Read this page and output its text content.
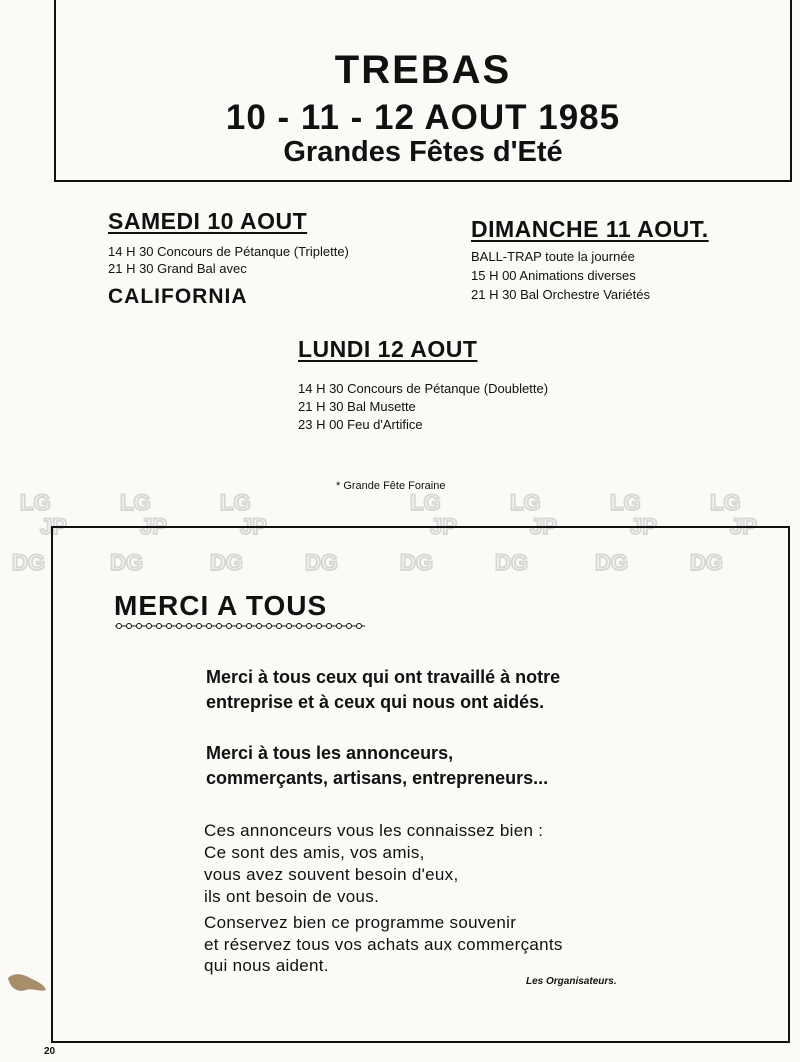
TREBAS
10 - 11 - 12 AOUT 1985
Grandes Fêtes d'Eté
SAMEDI 10 AOUT
14 H 30 Concours de Pétanque (Triplette)
21 H 30 Grand Bal avec
CALIFORNIA
DIMANCHE 11 AOUT.
BALL-TRAP toute la journée
15 H 00 Animations diverses
21 H 30 Bal Orchestre Variétés
LUNDI 12 AOUT
14 H 30 Concours de Pétanque (Doublette)
21 H 30 Bal Musette
23 H 00 Feu d'Artifice
* Grande Fête Foraine
LG	LG	LG	LG	LG	LG	LG
JP	JP	JP	JP	JP	JP	JP
DG	DG	DG	DG	DG	DG	DG	DG
MERCI A TOUS
Merci à tous ceux qui ont travaillé à notre
entreprise et à ceux qui nous ont aidés.
Merci à tous les annonceurs,
commerçants, artisans, entrepreneurs...
Ces annonceurs vous les connaissez bien :
Ce sont des amis, vos amis,
vous avez souvent besoin d'eux,
ils ont besoin de vous.
Conservez bien ce programme souvenir
et réservez tous vos achats aux commerçants
qui nous aident.
Les Organisateurs.
20
